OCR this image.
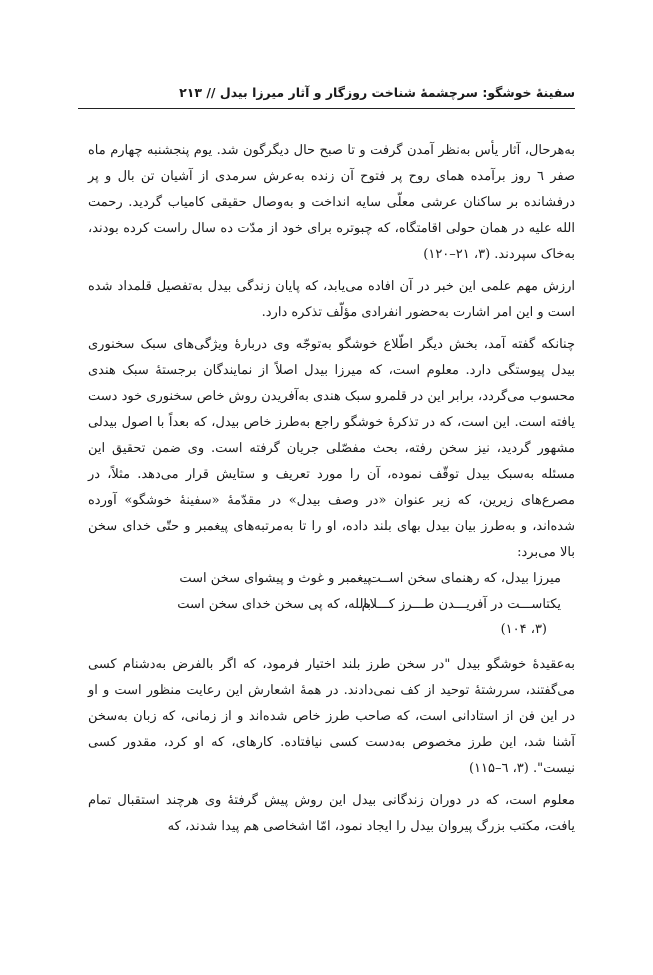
سفینهٔ خوشگو: سرچشمهٔ شناخت روزگار و آثار میرزا بیدل // ۲۱۳

به‌هرحال، آثار یأس به‌نظر آمدن گرفت و تا صبح حال دیگرگون شد. یوم پنجشنبه چهارم ماه صفر ٦ روز برآمده همای روح پر فتوح آن زنده به‌عرش سرمدی از آشیان تن بال و پر درفشانده بر ساکنان عرشی معلّی سایه انداخت و به‌وصال حقیقی کامیاب گردید. رحمت الله علیه در همان حولی اقامتگاه، که چبوتره برای خود از مدّت ده سال راست کرده بودند، به‌خاک سپردند. (۳، ۲۱–۱۲۰)

ارزش مهم علمی این خبر در آن افاده می‌یابد، که پایان زندگی بیدل به‌تفصیل قلمداد شده است و این امر اشارت به‌حضور انفرادی مؤلّف تذکره دارد.

چنانکه گفته آمد، بخش دیگر اطّلاع خوشگو به‌توجّه وی دربارهٔ ویژگی‌های سبک سخنوری بیدل پیوستگی دارد. معلوم است، که میرزا بیدل اصلاً از نمایندگان برجستهٔ سبک هندی محسوب می‌گردد، برابر این در قلمرو سبک هندی به‌آفریدن روش خاص سخنوری خود دست یافته است. این است، که در تذکرهٔ خوشگو راجع به‌طرز خاص بیدل، که بعداً با اصول بیدلی مشهور گردید، نیز سخن رفته، بحث مفصّلی جریان گرفته است. وی ضمن تحقیق این مسئله به‌سبک بیدل توقّف نموده، آن را مورد تعریف و ستایش قرار می‌دهد. مثلاً، در مصرع‌های زیرین، که زیر عنوان «در وصف بیدل» در مقدّمهٔ «سفینهٔ خوشگو» آورده شده‌اند، و به‌طرز بیان بیدل بهای بلند داده، او را تا به‌مرتبه‌های پیغمبر و حتّی خدای سخن بالا می‌برد:

میرزا بیدل، که رهنمای سخن اســتپیغمبر و غوث و پیشوای سخن است
یکتاســـت در آفریـــدن طـــرز کـــلامبالله، که پی سخن خدای سخن است
(۳، ۱۰۴)

به‌عقیدهٔ خوشگو بیدل "در سخن طرز بلند اختیار فرمود، که اگر بالفرض به‌دشنام کسی می‌گفتند، سررشتهٔ توحید از کف نمی‌دادند. در همهٔ اشعارش این رعایت منظور است و او در این فن از استادانی است، که صاحب طرز خاص شده‌اند و از زمانی، که زبان به‌سخن آشنا شد، این طرز مخصوص به‌دست کسی نیافتاده. کارهای، که او کرد، مقدور کسی نیست". (۳، ٦–۱۱۵)

معلوم است، که در دوران زندگانی بیدل این روش پیش گرفتهٔ وی هرچند استقبال تمام یافت، مکتب بزرگ پیروان بیدل را ایجاد نمود، امّا اشخاصی هم پیدا شدند، که
